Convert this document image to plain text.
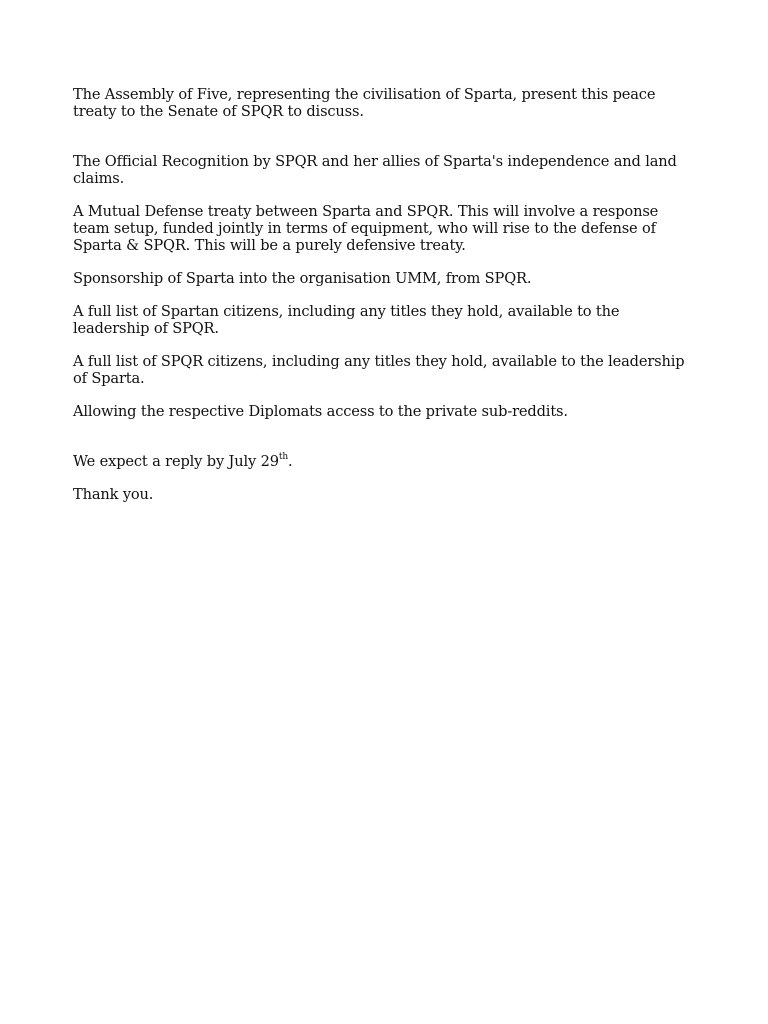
The Assembly of Five, representing the civilisation of Sparta, present this peace treaty to the Senate of SPQR to discuss.

The Official Recognition by SPQR and her allies of Sparta's independence and land claims.

A Mutual Defense treaty between Sparta and SPQR. This will involve a response team setup, funded jointly in terms of equipment, who will rise to the defense of Sparta & SPQR. This will be a purely defensive treaty.

Sponsorship of Sparta into the organisation UMM, from SPQR.

A full list of Spartan citizens, including any titles they hold, available to the leadership of SPQR.

A full list of SPQR citizens, including any titles they hold, available to the leadership of Sparta.

Allowing the respective Diplomats access to the private sub-reddits.

We expect a reply by July 29th.

Thank you.
